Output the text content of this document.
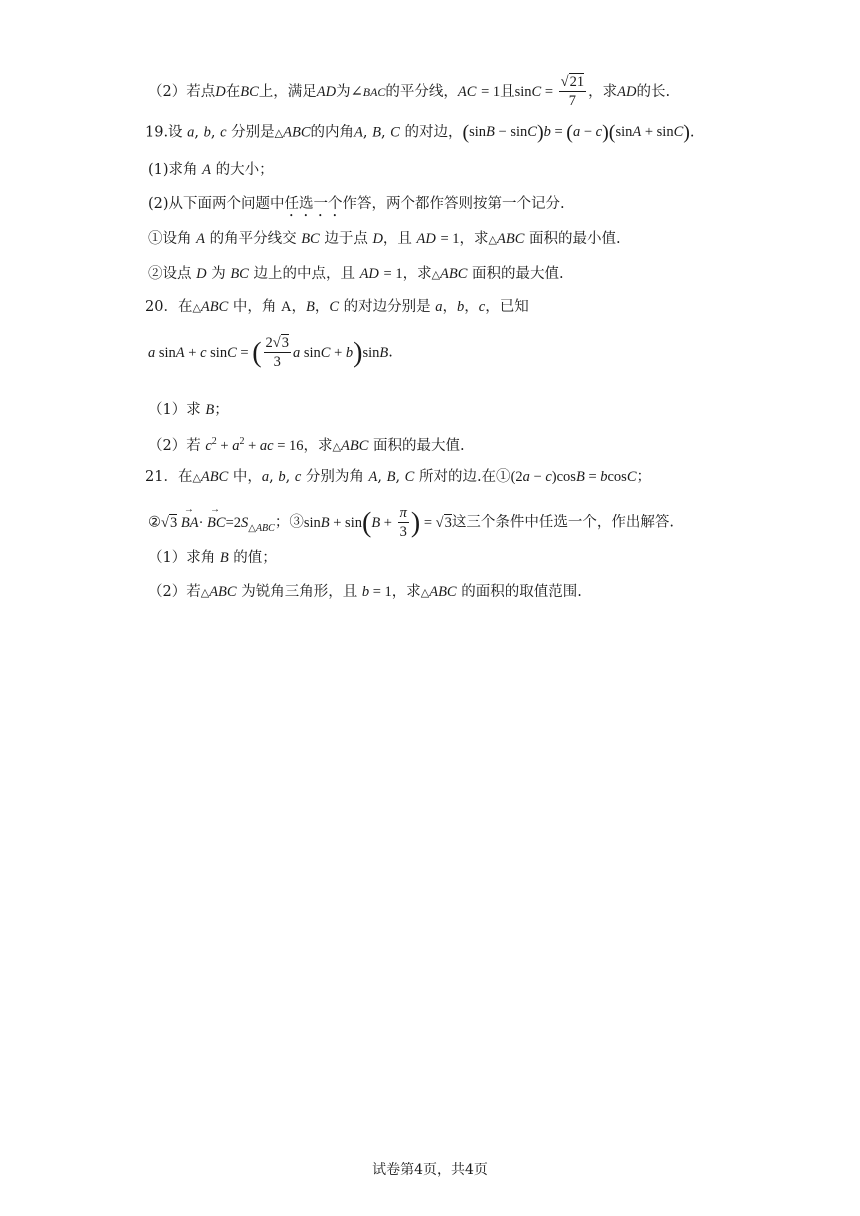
（2）若点D在BC上，满足AD为∠BAC的平分线，AC = 1且$\sin C = \frac{√21}{7}$ ，求AD的长.
19.设 a, b, c 分别是△ABC的内角A, B, C 的对边，(sinB − sinC)b = (a − c)(sinA + sinC).
(1)求角 A 的大小；
(2)从下面两个问题中任选一个作答，两个都作答则按第一个记分.
①设角 A 的角平分线交 BC 边于点 D，且 AD = 1，求△ABC 面积的最小值.
②设点 D 为 BC 边上的中点，且 AD = 1，求△ABC 面积的最大值.
20．在△ABC 中，角 A，B，C 的对边分别是 a，b，c，已知
a sinA + c sinC = ( $\frac{2√3}{3}$ a sinC + b)sinB.
（1）求 B；
（2）若 $c^2 + a^2$ + ac = 16，求△ABC 面积的最大值.
21．在△ABC 中，a, b, c 分别为角 A, B, C 所对的边.在①(2a − c)cosB = bcosC；
②√3 → $BA\cdot \to BC=2S_{\triangle ABC}$；③sinB + $\sin(B + \frac{\pi}{3}$ ) = √3这三个条件中任选一个，作出解答.
（1）求角 B 的值；
（2）若△ABC 为锐角三角形，且 b = 1，求△ABC 的面积的取值范围.
试卷第4页，共4页
